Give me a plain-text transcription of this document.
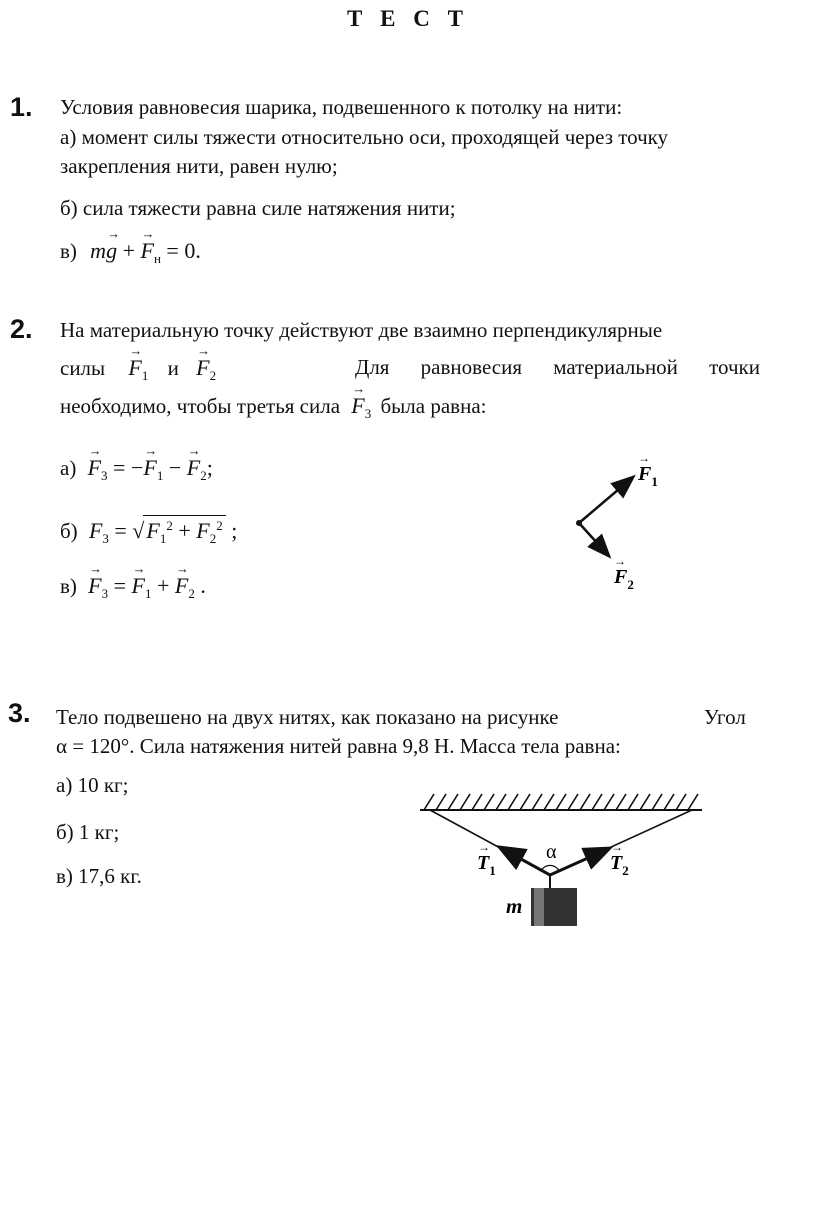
Т Е С Т
1. Условия равновесия шарика, подвешенного к потолку на нити:
а) момент силы тяжести относительно оси, проходящей через точку
закрепления нити, равен нулю;
б) сила тяжести равна силе натяжения нити;
в) m→ g + → $F_н = 0$.
2. На материальную точку действуют две взаимно перпендикулярные
силы → $F_1$ $и \to F_2$	Для равновесия материальной точки
необходимо, чтобы третья сила → $F_3$ была равна:
$а) \to F_3$ = −→ $F_1$ − → $F_2$;
б) $F_3 = √F_1^2 + F_2^2$ ;
$в) \to F_3$ = → $F_1$ + → $F_2$ .
$F_1$
→
$F_2$
→
3. Тело подвешено на двух нитях, как показано на рисунке	Угол
α = 120°. Сила натяжения нитей равна 9,8 Н. Масса тела равна:
а) 10 кг;
б) 1 кг;
в) 17,6 кг.
α
m
$T_1$
→
$T_2$
→
